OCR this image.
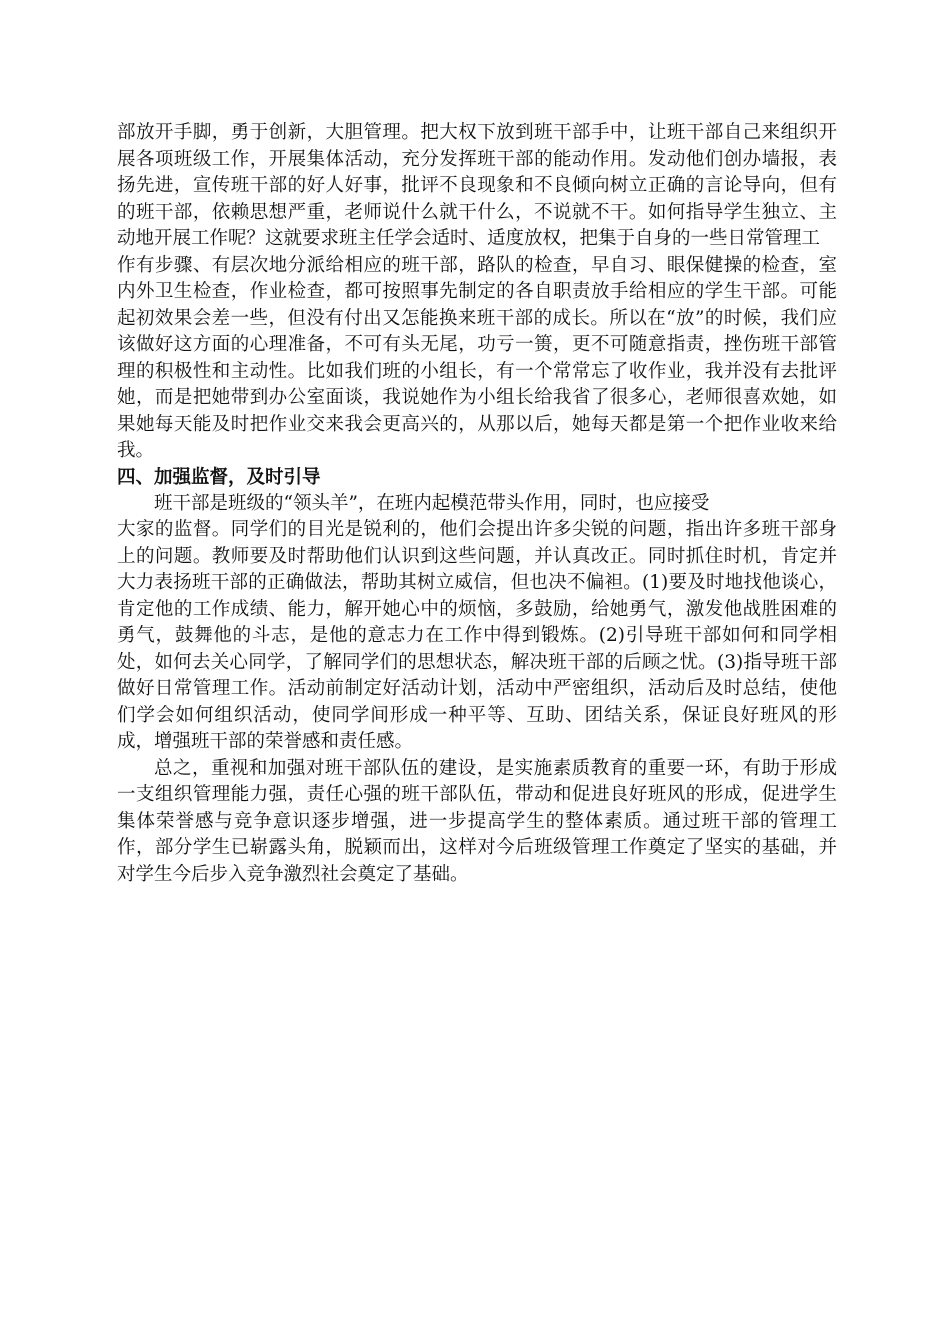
部放开手脚，勇于创新，大胆管理。把大权下放到班干部手中，让班干部自己来组织开展各项班级工作，开展集体活动，充分发挥班干部的能动作用。发动他们创办墙报，表扬先进，宣传班干部的好人好事，批评不良现象和不良倾向树立正确的言论导向，但有的班干部，依赖思想严重，老师说什么就干什么，不说就不干。如何指导学生独立、主动地开展工作呢？这就要求班主任学会适时、适度放权，把集于自身的一些日常管理工

作有步骤、有层次地分派给相应的班干部，路队的检查，早自习、眼保健操的检查，室内外卫生检查，作业检查，都可按照事先制定的各自职责放手给相应的学生干部。可能起初效果会差一些，但没有付出又怎能换来班干部的成长。所以在“放”的时候，我们应该做好这方面的心理准备，不可有头无尾，功亏一篑，更不可随意指责，挫伤班干部管理的积极性和主动性。比如我们班的小组长，有一个常常忘了收作业，我并没有去批评她，而是把她带到办公室面谈，我说她作为小组长给我省了很多心，老师很喜欢她，如果她每天能及时把作业交来我会更高兴的，从那以后，她每天都是第一个把作业收来给我。

四、加强监督，及时引导

班干部是班级的“领头羊”，在班内起模范带头作用，同时，也应接受

大家的监督。同学们的目光是锐利的，他们会提出许多尖锐的问题，指出许多班干部身上的问题。教师要及时帮助他们认识到这些问题，并认真改正。同时抓住时机，肯定并大力表扬班干部的正确做法，帮助其树立威信，但也决不偏袒。(1)要及时地找他谈心，肯定他的工作成绩、能力，解开她心中的烦恼，多鼓励，给她勇气，激发他战胜困难的勇气，鼓舞他的斗志，是他的意志力在工作中得到锻炼。(2)引导班干部如何和同学相处，如何去关心同学，了解同学们的思想状态，解决班干部的后顾之忧。(3)指导班干部做好日常管理工作。活动前制定好活动计划，活动中严密组织，活动后及时总结，使他们学会如何组织活动，使同学间形成一种平等、互助、团结关系，保证良好班风的形成，增强班干部的荣誉感和责任感。

总之，重视和加强对班干部队伍的建设，是实施素质教育的重要一环，有助于形成一支组织管理能力强，责任心强的班干部队伍，带动和促进良好班风的形成，促进学生集体荣誉感与竞争意识逐步增强，进一步提高学生的整体素质。通过班干部的管理工作，部分学生已崭露头角，脱颖而出，这样对今后班级管理工作奠定了坚实的基础，并对学生今后步入竞争激烈社会奠定了基础。
